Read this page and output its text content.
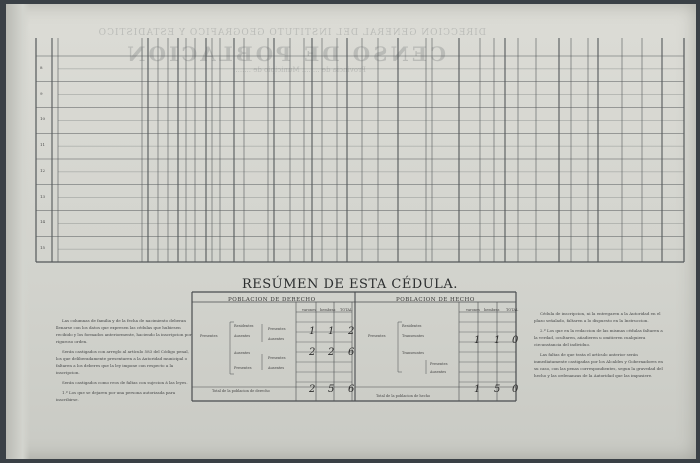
DIRECCION GENERAL DEL INSTITUTO GEOGRAFICO Y ESTADISTICO
CENSO DE POBLACION
Provincia de ........ Municipio de ........
8
9
10
11
12
13
14
15
RESÚMEN DE ESTA CÉDULA.

Las columnas de familia y de la fecha de nacimiento deberan llenarse con los datos que expresen las cédulas que hubiesen recibido y los formados anteriormente, haciendo la inscripcion por riguroso orden.

Serán castigados con arreglo al artículo 583 del Código penal, los que deliberadamente presentaren a la Autoridad municipal o faltaren a los deberes que la ley impone con respecto a la inscripcion.

Serán castigados como reos de faltas con sujecion á las leyes.

1.º Los que se dejaren por una persona autorizada para inscribirse.

Cédula de inscripcion, ni la entregaren a la Autoridad en el plazo señalado, faltaren a lo dispuesto en la Instruccion.

2.º Los que en la redaccion de las mismas cédulas faltaren a la verdad, ocultaren, añadieren u omitieren cualquiera circunstancia del individuo.

Las faltas de que trata el artículo anterior serán inmediatamente castigadas por los Alcaldes y Gobernadores en su caso, con las penas correspondientes, segun la gravedad del hecho y las ordenanzas de la Autoridad que las impusiere.

POBLACION DE DERECHO	POBLACION DE HECHO
varones hembras TOTAL	varones hembras TOTAL
Presentes
Residentes
Ausentes
Presentes
Ausentes
Ausentes
Presentes
Presentes
Ausentes
Total de la poblacion de derecho
Presentes
Residentes
Transeuntes
Transeuntes
Presentes
Ausentes
Total de la poblacion de hecho
1 1 2
2 2 6
2 5 6
1 1 0
1 5 0
